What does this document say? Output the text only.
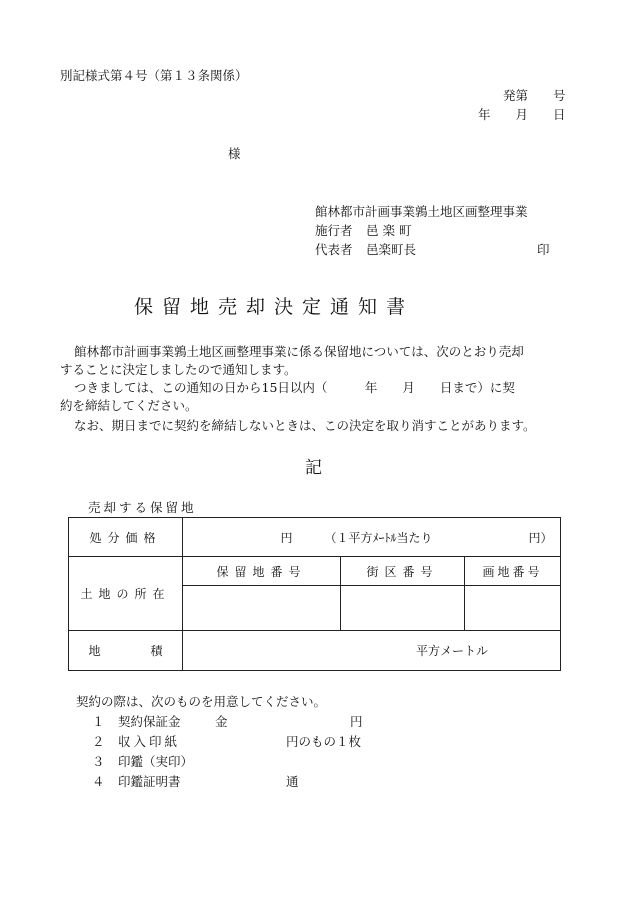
別記様式第４号（第１３条関係）
発第　　号
年　　月　　日
様
館林都市計画事業鶉土地区画整理事業
施行者 邑 楽 町
代表者 邑楽町長	印
保留地売却決定通知書
館林都市計画事業鶉土地区画整理事業に係る保留地については、次のとおり売却
することに決定しましたので通知します。
つきましては、この通知の日から15日以内（　　　年　　月　　日まで）に契
約を締結してください。
なお、期日までに契約を締結しないときは、この決定を取り消すことがあります。
記
売却する保留地
処分価格	円 （１平方ﾒｰﾄﾙ当たり 円）		
土地の所在	保留地番号	街区番号	画地番号

地 積	平方メートル		
契約の際は、次のものを用意してください。
１ 契約保証金	金	円
２ 収入印紙	円のもの１枚
３ 印鑑（実印）
４ 印鑑証明書	通
